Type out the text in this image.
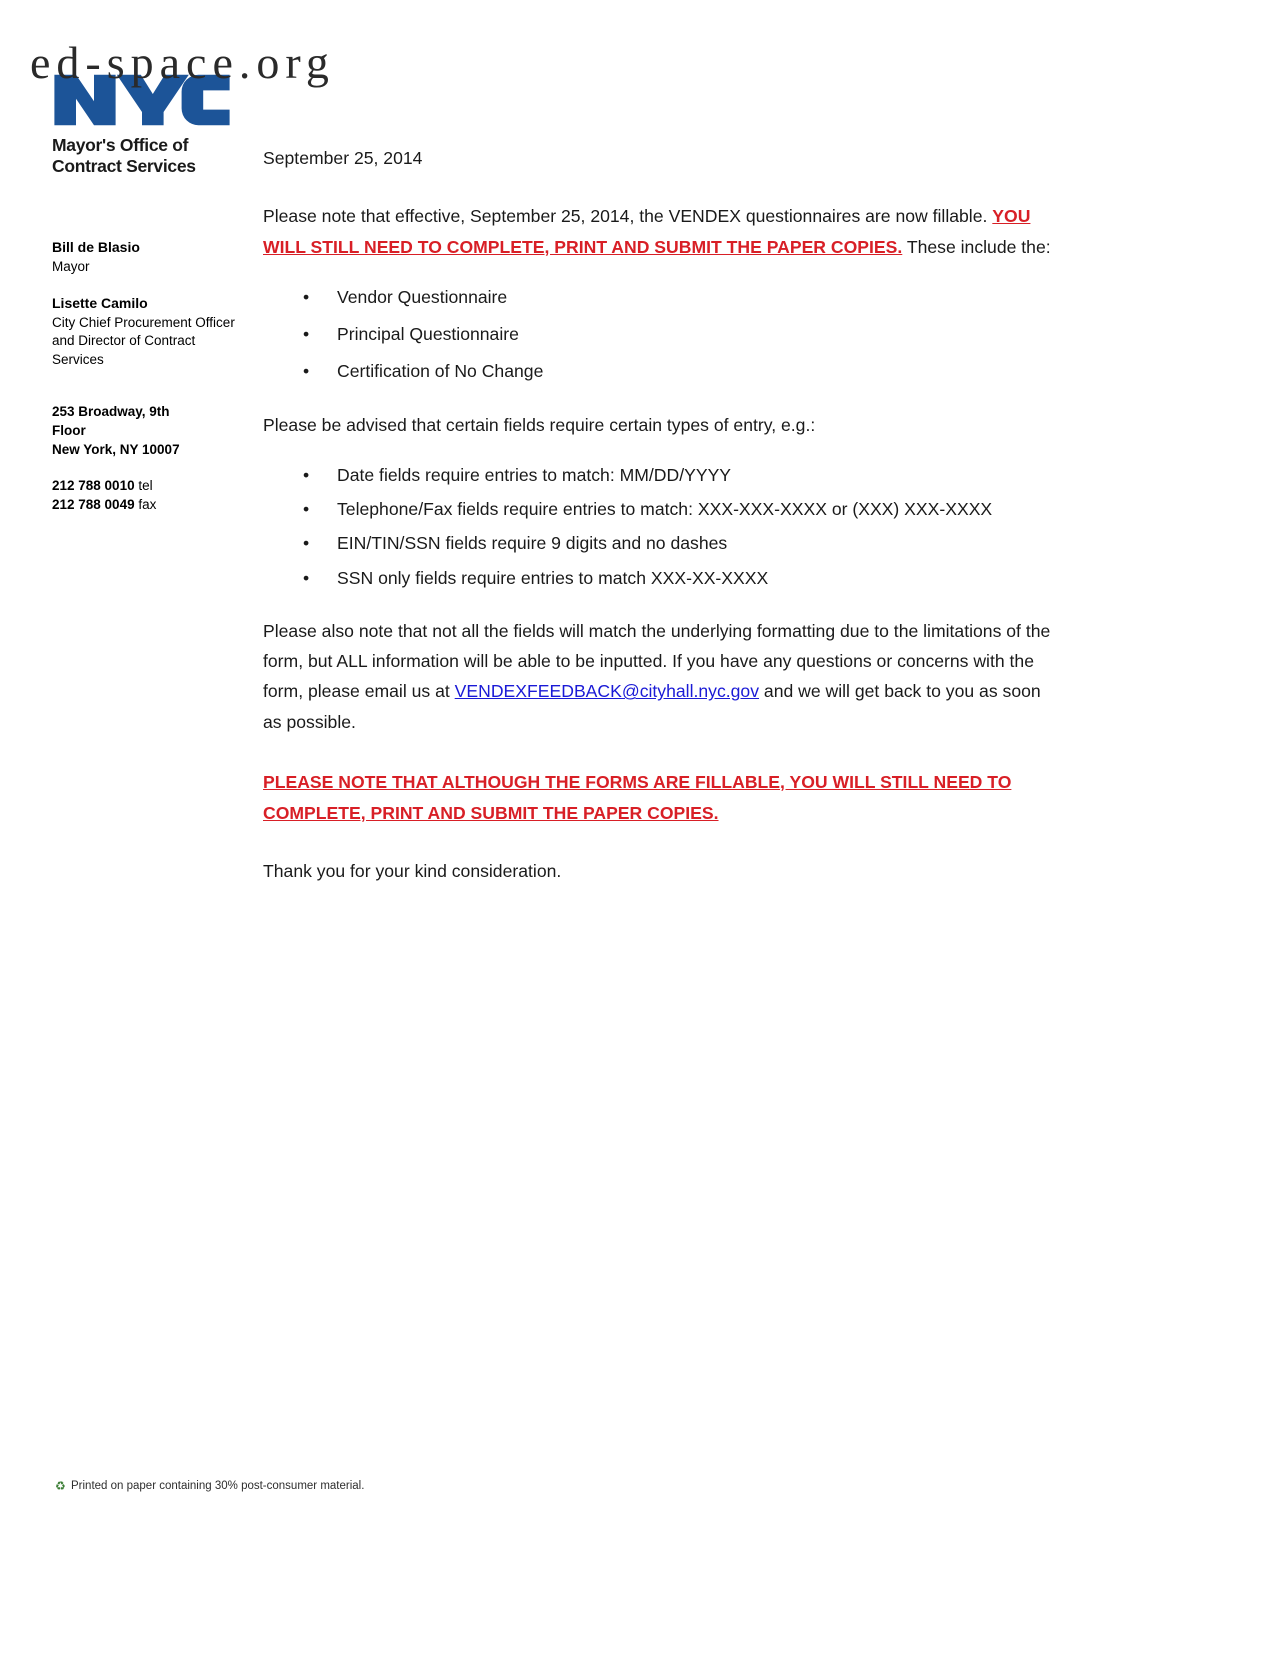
ed-space.org
Mayor's Office of
Contract Services
Bill de Blasio
Mayor
Lisette Camilo
City Chief Procurement Officer and Director of Contract Services
253 Broadway, 9th
Floor
New York, NY 10007
212 788 0010 tel
212 788 0049 fax

September 25, 2014

Please note that effective, September 25, 2014, the VENDEX questionnaires are now fillable. YOU WILL STILL NEED TO COMPLETE, PRINT AND SUBMIT THE PAPER COPIES. These include the:

• Vendor Questionnaire
• Principal Questionnaire
• Certification of No Change

Please be advised that certain fields require certain types of entry, e.g.:

• Date fields require entries to match: MM/DD/YYYY
• Telephone/Fax fields require entries to match: XXX-XXX-XXXX or (XXX) XXX-XXXX
• EIN/TIN/SSN fields require 9 digits and no dashes
• SSN only fields require entries to match XXX-XX-XXXX

Please also note that not all the fields will match the underlying formatting due to the limitations of the form, but ALL information will be able to be inputted. If you have any questions or concerns with the form, please email us at VENDEXFEEDBACK@cityhall.nyc.gov and we will get back to you as soon as possible.

PLEASE NOTE THAT ALTHOUGH THE FORMS ARE FILLABLE, YOU WILL STILL NEED TO COMPLETE, PRINT AND SUBMIT THE PAPER COPIES.

Thank you for your kind consideration.

♻ Printed on paper containing 30% post-consumer material.
